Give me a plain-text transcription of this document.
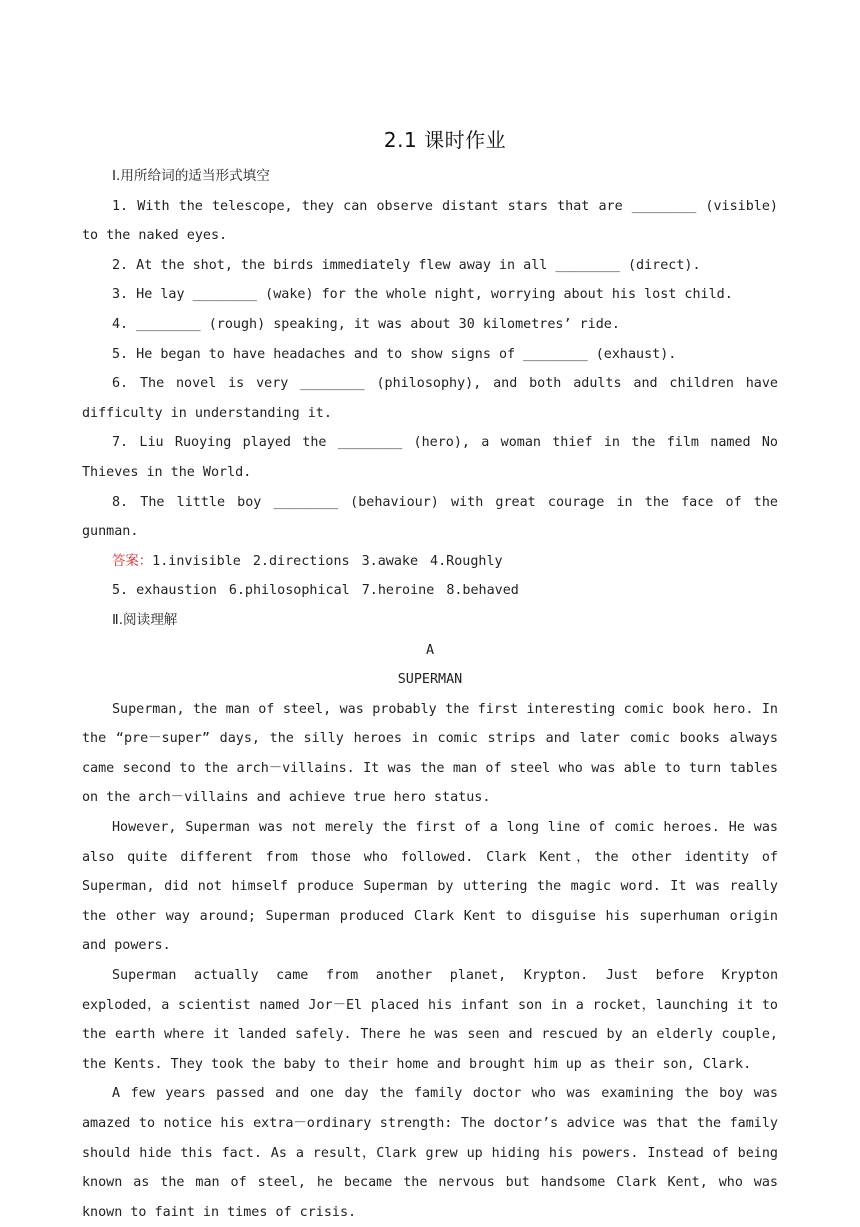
2.1 课时作业

Ⅰ.用所给词的适当形式填空

1. With the telescope, they can observe distant stars that are ________ (visible) to the naked eyes.

2. At the shot, the birds immediately flew away in all ________ (direct).

3. He lay ________ (wake) for the whole night, worrying about his lost child.

4. ________ (rough) speaking, it was about 30 kilometres’ ride.

5. He began to have headaches and to show signs of ________ (exhaust).

6. The novel is very ________ (philosophy), and both adults and children have difficulty in understanding it.

7. Liu Ruoying played the ________ (hero), a woman thief in the film named No Thieves in the World.

8. The little boy ________ (behaviour) with great courage in the face of the gunman.

答案：1.invisible 2.directions 3.awake 4.Roughly

5. exhaustion 6.philosophical 7.heroine 8.behaved

Ⅱ.阅读理解

A

SUPERMAN

Superman, the man of steel, was probably the first interesting comic book hero. In the “pre－super” days, the silly heroes in comic strips and later comic books always came second to the arch－villains. It was the man of steel who was able to turn tables on the arch－villains and achieve true hero status.

However, Superman was not merely the first of a long line of comic heroes. He was also quite different from those who followed. Clark Kent，the other identity of Superman, did not himself produce Superman by uttering the magic word. It was really the other way around; Superman produced Clark Kent to disguise his superhuman origin and powers.

Superman actually came from another planet, Krypton. Just before Krypton exploded，a scientist named Jor－El placed his infant son in a rocket，launching it to the earth where it landed safely. There he was seen and rescued by an elderly couple, the Kents. They took the baby to their home and brought him up as their son, Clark.

A few years passed and one day the family doctor who was examining the boy was amazed to notice his extra－ordinary strength: The doctor’s advice was that the family should hide this fact. As a result，Clark grew up hiding his powers. Instead of being known as the man of steel, he became the nervous but handsome Clark Kent, who was known to faint in times of crisis.
